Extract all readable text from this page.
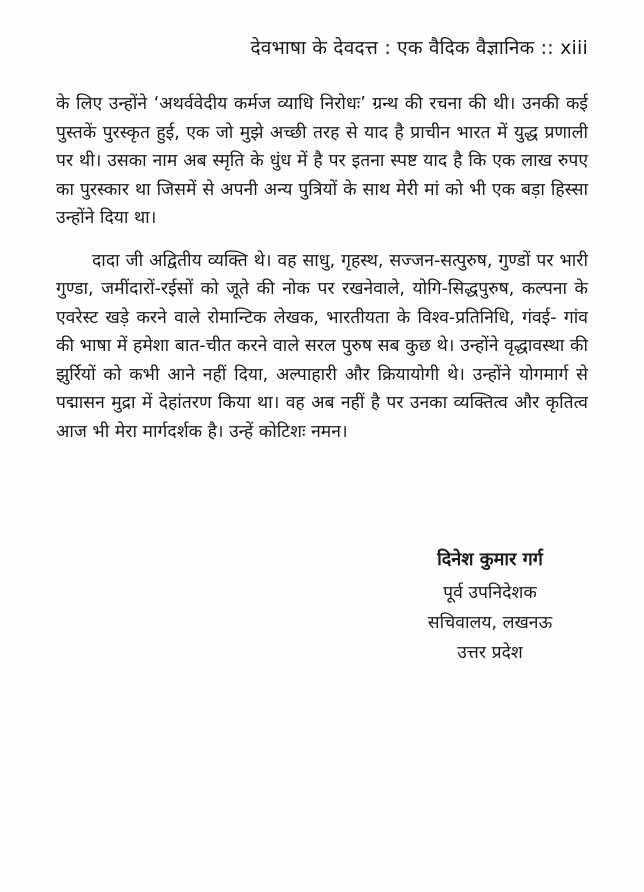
देवभाषा के देवदत्त : एक वैदिक वैज्ञानिक :: xiii

के लिए उन्होंने ‘अथर्ववेदीय कर्मज व्याधि निरोधः’ ग्रन्थ की रचना की थी। उनकी कई पुस्तकें पुरस्कृत हुई, एक जो मुझे अच्छी तरह से याद है प्राचीन भारत में युद्ध प्रणाली पर थी। उसका नाम अब स्मृति के धुंध में है पर इतना स्पष्ट याद है कि एक लाख रुपए का पुरस्कार था जिसमें से अपनी अन्य पुत्रियों के साथ मेरी मां को भी एक बड़ा हिस्सा उन्होंने दिया था।

दादा जी अद्वितीय व्यक्ति थे। वह साधु, गृहस्थ, सज्जन-सत्पुरुष, गुण्डों पर भारी गुण्डा, जमींदारों-रईसों को जूते की नोक पर रखनेवाले, योगि-सिद्धपुरुष, कल्पना के एवरेस्ट खड़े करने वाले रोमान्टिक लेखक, भारतीयता के विश्व-प्रतिनिधि, गंवई- गांव की भाषा में हमेशा बात-चीत करने वाले सरल पुरुष सब कुछ थे। उन्होंने वृद्धावस्था की झुर्रियों को कभी आने नहीं दिया, अल्पाहारी और क्रियायोगी थे। उन्होंने योगमार्ग से पद्मासन मुद्रा में देहांतरण किया था। वह अब नहीं है पर उनका व्यक्तित्व और कृतित्व आज भी मेरा मार्गदर्शक है। उन्हें कोटिशः नमन।

दिनेश कुमार गर्ग
पूर्व उपनिदेशक
सचिवालय, लखनऊ
उत्तर प्रदेश
